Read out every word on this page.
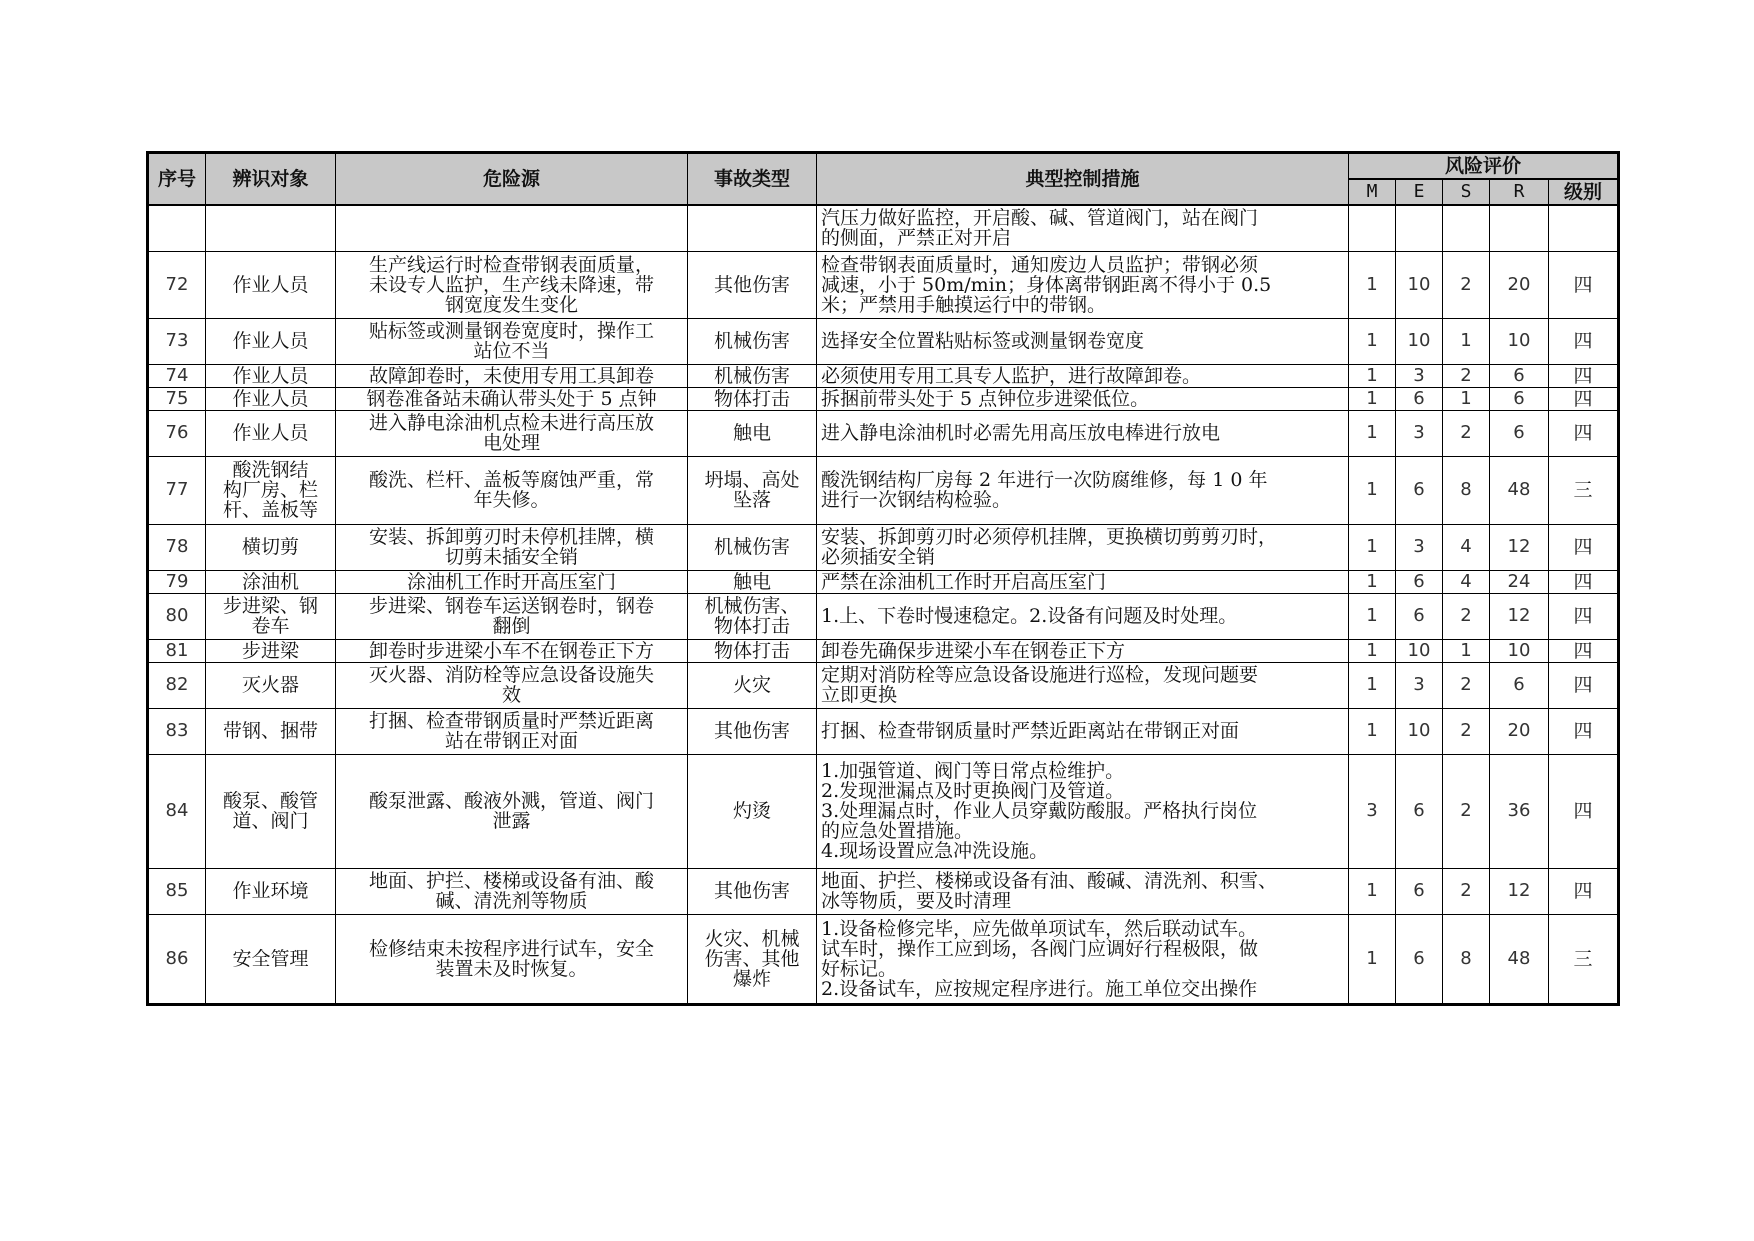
序号	辨识对象	危险源	事故类型	典型控制措施	风险评价				
					M	E	S	R	级别

				汽压力做好监控，开启酸、碱、管道阀门，站在阀门
的侧面，严禁正对开启					

72	作业人员	生产线运行时检查带钢表面质量，
未设专人监护，生产线未降速，带
钢宽度发生变化	其他伤害	检查带钢表面质量时，通知废边人员监护；带钢必须
减速，小于 50m/min；身体离带钢距离不得小于 0.5
米；严禁用手触摸运行中的带钢。	1	10	2	20	四
73	作业人员	贴标签或测量钢卷宽度时，操作工
站位不当	机械伤害	选择安全位置粘贴标签或测量钢卷宽度	1	10	1	10	四
74	作业人员	故障卸卷时，未使用专用工具卸卷	机械伤害	必须使用专用工具专人监护，进行故障卸卷。	1	3	2	6	四
75	作业人员	钢卷准备站未确认带头处于 5 点钟	物体打击	拆捆前带头处于 5 点钟位步进梁低位。	1	6	1	6	四
76	作业人员	进入静电涂油机点检未进行高压放
电处理	触电	进入静电涂油机时必需先用高压放电棒进行放电	1	3	2	6	四
77	酸洗钢结
构厂房、栏
杆、盖板等	酸洗、栏杆、盖板等腐蚀严重，常
年失修。	坍塌、高处
坠落	酸洗钢结构厂房每 2 年进行一次防腐维修，每 1 0 年
进行一次钢结构检验。	1	6	8	48	三
78	横切剪	安装、拆卸剪刃时未停机挂牌，横
切剪未插安全销	机械伤害	安装、拆卸剪刃时必须停机挂牌，更换横切剪剪刃时，
必须插安全销	1	3	4	12	四
79	涂油机	涂油机工作时开高压室门	触电	严禁在涂油机工作时开启高压室门	1	6	4	24	四
80	步进梁、钢
卷车	步进梁、钢卷车运送钢卷时，钢卷
翻倒	机械伤害、
物体打击	1.上、下卷时慢速稳定。2.设备有问题及时处理。	1	6	2	12	四
81	步进梁	卸卷时步进梁小车不在钢卷正下方	物体打击	卸卷先确保步进梁小车在钢卷正下方	1	10	1	10	四
82	灭火器	灭火器、消防栓等应急设备设施失
效	火灾	定期对消防栓等应急设备设施进行巡检，发现问题要
立即更换	1	3	2	6	四
83	带钢、捆带	打捆、检查带钢质量时严禁近距离
站在带钢正对面	其他伤害	打捆、检查带钢质量时严禁近距离站在带钢正对面	1	10	2	20	四
84	酸泵、酸管
道、阀门	酸泵泄露、酸液外溅，管道、阀门
泄露	灼烫	1.加强管道、阀门等日常点检维护。
2.发现泄漏点及时更换阀门及管道。
3.处理漏点时，作业人员穿戴防酸服。严格执行岗位
的应急处置措施。
4.现场设置应急冲洗设施。	3	6	2	36	四
85	作业环境	地面、护拦、楼梯或设备有油、酸
碱、清洗剂等物质	其他伤害	地面、护拦、楼梯或设备有油、酸碱、清洗剂、积雪、
冰等物质，要及时清理	1	6	2	12	四
86	安全管理	检修结束未按程序进行试车，安全
装置未及时恢复。	火灾、机械
伤害、其他
爆炸	1.设备检修完毕，应先做单项试车，然后联动试车。
试车时，操作工应到场，各阀门应调好行程极限，做
好标记。
2.设备试车，应按规定程序进行。施工单位交出操作	1	6	8	48	三
